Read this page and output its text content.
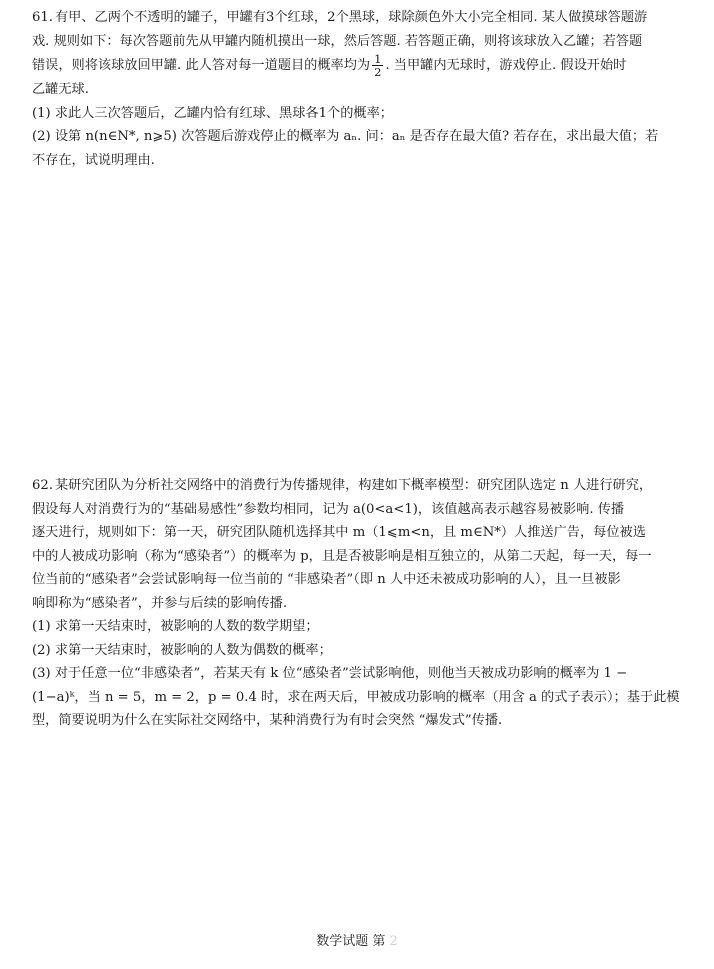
61. 有甲、乙两个不透明的罐子，甲罐有3个红球，2个黑球，球除颜色外大小完全相同. 某人做摸球答题游

戏. 规则如下：每次答题前先从甲罐内随机摸出一球，然后答题. 若答题正确，则将该球放入乙罐；若答题

错误，则将该球放回甲罐. 此人答对每一道题目的概率均为 $\frac{1}{2}$ . 当甲罐内无球时，游戏停止. 假设开始时

乙罐无球.

(1) 求此人三次答题后，乙罐内恰有红球、黑球各1个的概率；

(2) 设第 n(n∈N*, n⩾5) 次答题后游戏停止的概率为 aₙ. 问：aₙ 是否存在最大值? 若存在，求出最大值；若

不存在，试说明理由.

62. 某研究团队为分析社交网络中的消费行为传播规律，构建如下概率模型：研究团队选定 n 人进行研究，

假设每人对消费行为的“基础易感性”参数均相同，记为 a(0<a<1)，该值越高表示越容易被影响. 传播

逐天进行，规则如下：第一天，研究团队随机选择其中 m（1⩽m<n，且 m∈N*）人推送广告，每位被选

中的人被成功影响（称为“感染者”）的概率为 p，且是否被影响是相互独立的，从第二天起，每一天，每一

位当前的“感染者”会尝试影响每一位当前的 “非感染者”（即 n 人中还未被成功影响的人），且一旦被影

响即称为“感染者”，并参与后续的影响传播.

(1) 求第一天结束时，被影响的人数的数学期望；

(2) 求第一天结束时，被影响的人数为偶数的概率；

(3) 对于任意一位“非感染者”，若某天有 k 位“感染者”尝试影响他，则他当天被成功影响的概率为 1 −

(1−a)ᵏ，当 n = 5，m = 2，p = 0.4 时，求在两天后，甲被成功影响的概率（用含 a 的式子表示）；基于此模

型，简要说明为什么在实际社交网络中，某种消费行为有时会突然 “爆发式”传播.

数学试题 第 2
